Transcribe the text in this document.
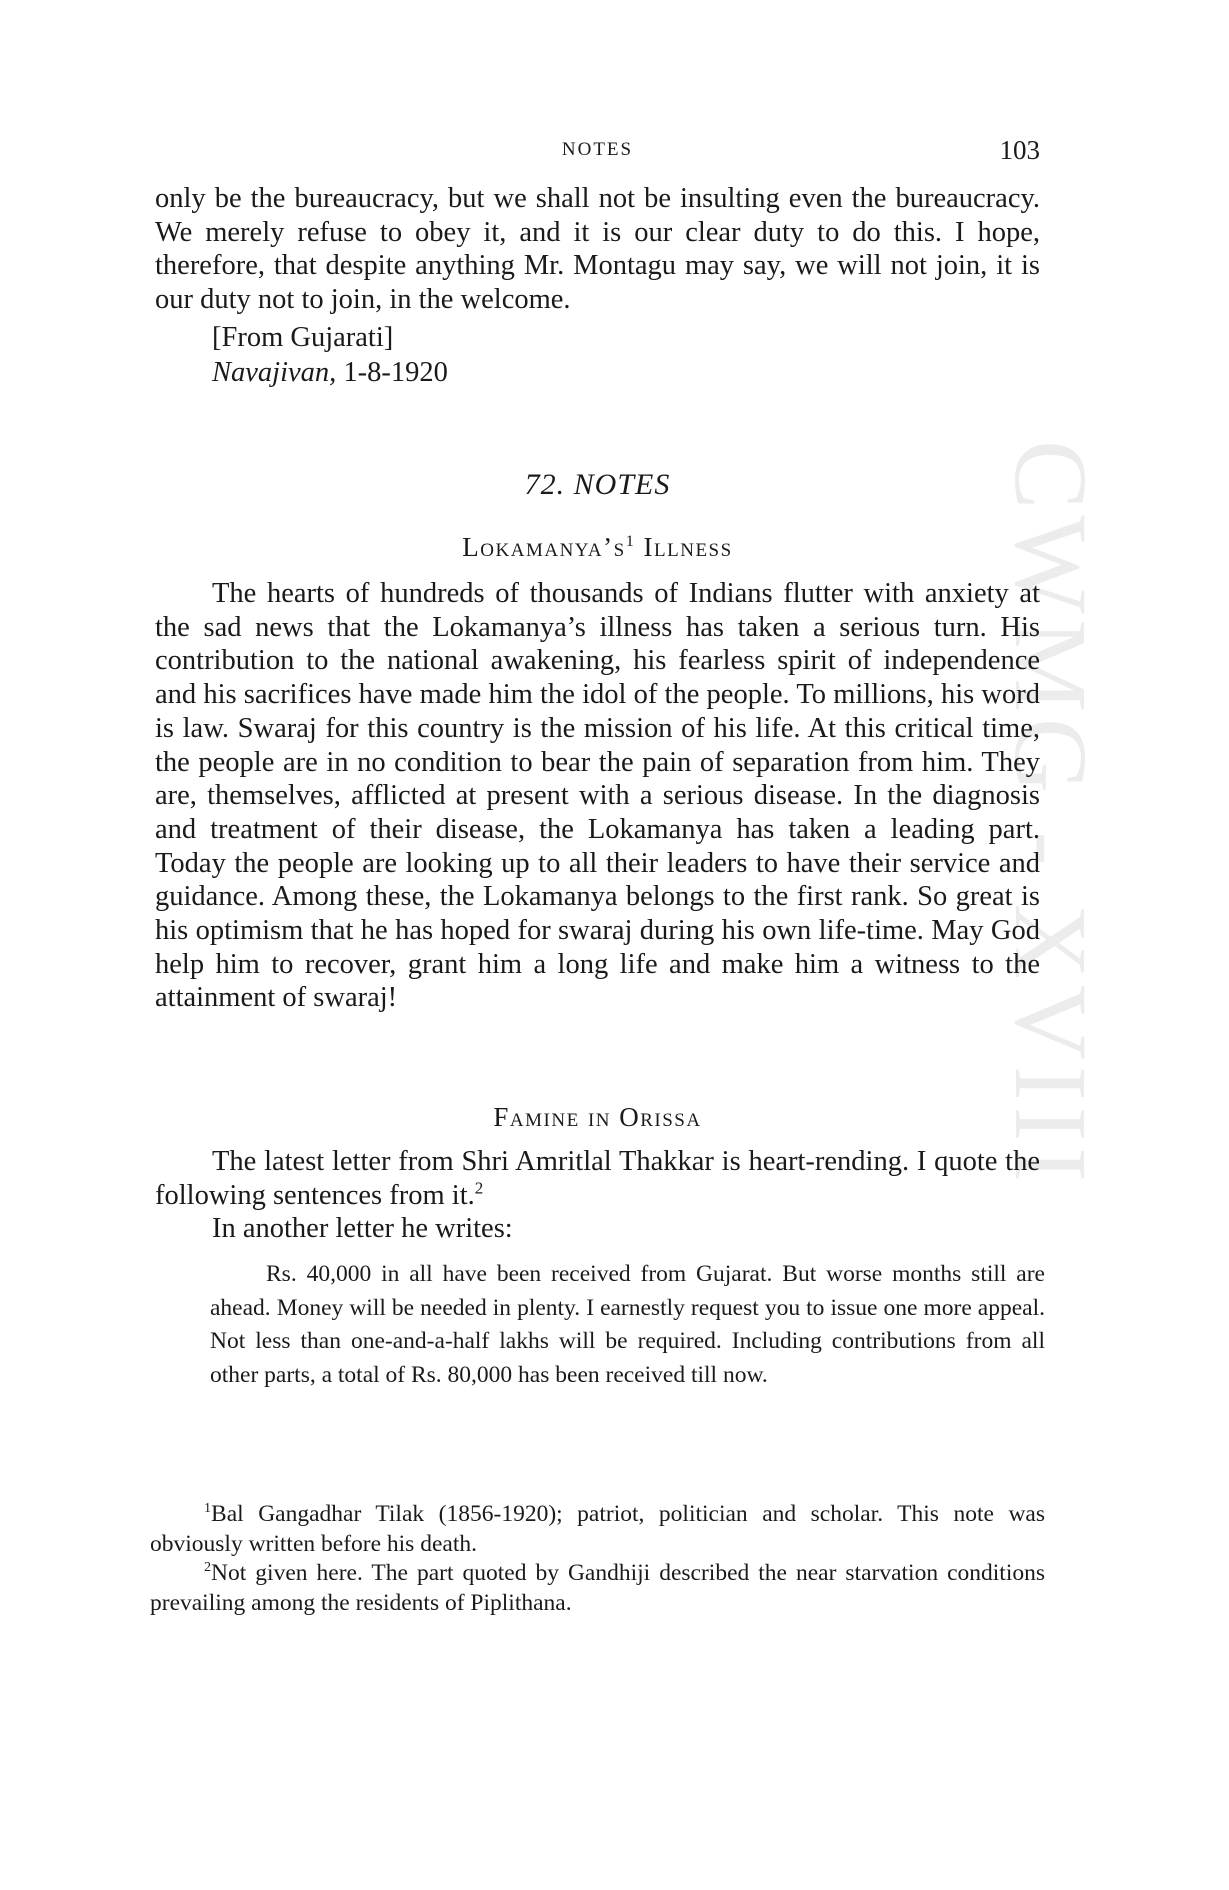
CWMG - XVIII
NOTES	103

only be the bureaucracy, but we shall not be insulting even the bureaucracy. We merely refuse to obey it, and it is our clear duty to do this. I hope, therefore, that despite anything Mr. Montagu may say, we will not join, it is our duty not to join, in the welcome.

[From Gujarati]

Navajivan, 1-8-1920

72. NOTES

$Lokamanya’s^1$ Illness

The hearts of hundreds of thousands of Indians flutter with anxiety at the sad news that the Lokamanya’s illness has taken a serious turn. His contribution to the national awakening, his fearless spirit of independence and his sacrifices have made him the idol of the people. To millions, his word is law. Swaraj for this country is the mission of his life. At this critical time, the people are in no condition to bear the pain of separation from him. They are, themselves, afflicted at present with a serious disease. In the diagnosis and treatment of their disease, the Lokamanya has taken a leading part. Today the people are looking up to all their leaders to have their service and guidance. Among these, the Lokamanya belongs to the first rank. So great is his optimism that he has hoped for swaraj during his own life-time. May God help him to recover, grant him a long life and make him a witness to the attainment of swaraj!

Famine in Orissa

The latest letter from Shri Amritlal Thakkar is heart-rending. I quote the following sentences from it.$^2$

In another letter he writes:

Rs. 40,000 in all have been received from Gujarat. But worse months still are ahead. Money will be needed in plenty. I earnestly request you to issue one more appeal. Not less than one-and-a-half lakhs will be required. Including contributions from all other parts, a total of Rs. 80,000 has been received till now.

$^1$Bal Gangadhar Tilak (1856-1920); patriot, politician and scholar. This note was obviously written before his death.

$^2$Not given here. The part quoted by Gandhiji described the near starvation conditions prevailing among the residents of Piplithana.
